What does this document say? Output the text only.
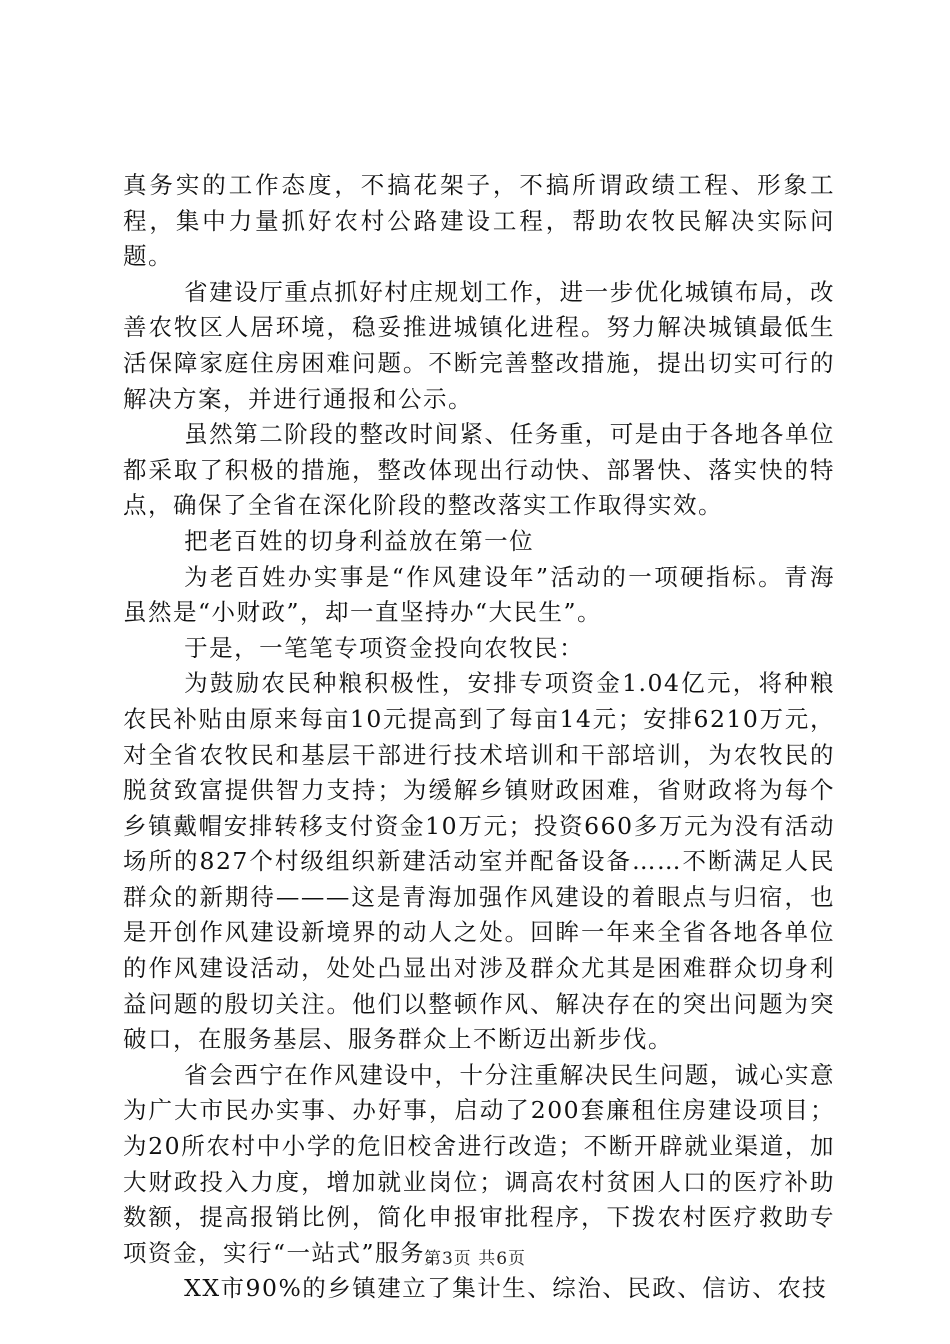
真务实的工作态度，不搞花架子，不搞所谓政绩工程、形象工程，集中力量抓好农村公路建设工程，帮助农牧民解决实际问题。

省建设厅重点抓好村庄规划工作，进一步优化城镇布局，改善农牧区人居环境，稳妥推进城镇化进程。努力解决城镇最低生活保障家庭住房困难问题。不断完善整改措施，提出切实可行的解决方案，并进行通报和公示。

虽然第二阶段的整改时间紧、任务重，可是由于各地各单位都采取了积极的措施，整改体现出行动快、部署快、落实快的特点，确保了全省在深化阶段的整改落实工作取得实效。

把老百姓的切身利益放在第一位

为老百姓办实事是“作风建设年”活动的一项硬指标。青海虽然是“小财政”，却一直坚持办“大民生”。

于是，一笔笔专项资金投向农牧民：

为鼓励农民种粮积极性，安排专项资金1.04亿元，将种粮农民补贴由原来每亩10元提高到了每亩14元；安排6210万元，对全省农牧民和基层干部进行技术培训和干部培训，为农牧民的脱贫致富提供智力支持；为缓解乡镇财政困难，省财政将为每个乡镇戴帽安排转移支付资金10万元；投资660多万元为没有活动场所的827个村级组织新建活动室并配备设备……不断满足人民群众的新期待———这是青海加强作风建设的着眼点与归宿，也是开创作风建设新境界的动人之处。回眸一年来全省各地各单位的作风建设活动，处处凸显出对涉及群众尤其是困难群众切身利益问题的殷切关注。他们以整顿作风、解决存在的突出问题为突破口，在服务基层、服务群众上不断迈出新步伐。

省会西宁在作风建设中，十分注重解决民生问题，诚心实意为广大市民办实事、办好事，启动了200套廉租住房建设项目；为20所农村中小学的危旧校舍进行改造；不断开辟就业渠道，加大财政投入力度，增加就业岗位；调高农村贫困人口的医疗补助数额，提高报销比例，简化申报审批程序，下拨农村医疗救助专项资金，实行“一站式”服务。

XX市90%的乡镇建立了集计生、综治、民政、信访、农技

第3页 共6页
